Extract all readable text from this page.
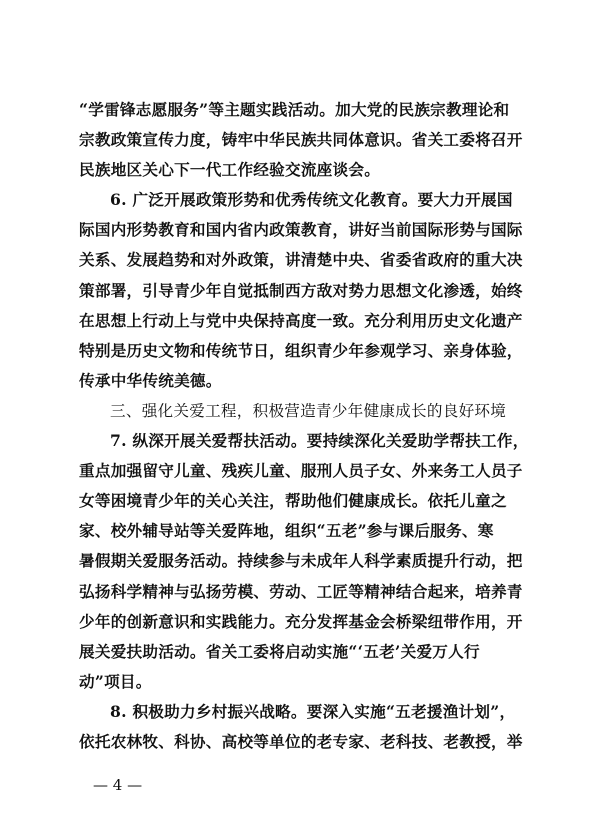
“学雷锋志愿服务”等主题实践活动。加大党的民族宗教理论和
宗教政策宣传力度，铸牢中华民族共同体意识。省关工委将召开
民族地区关心下一代工作经验交流座谈会。
6. 广泛开展政策形势和优秀传统文化教育。要大力开展国
际国内形势教育和国内省内政策教育，讲好当前国际形势与国际
关系、发展趋势和对外政策，讲清楚中央、省委省政府的重大决
策部署，引导青少年自觉抵制西方敌对势力思想文化渗透，始终
在思想上行动上与党中央保持高度一致。充分利用历史文化遗产
特别是历史文物和传统节日，组织青少年参观学习、亲身体验，
传承中华传统美德。
三、强化关爱工程，积极营造青少年健康成长的良好环境
7. 纵深开展关爱帮扶活动。要持续深化关爱助学帮扶工作，
重点加强留守儿童、残疾儿童、服刑人员子女、外来务工人员子
女等困境青少年的关心关注，帮助他们健康成长。依托儿童之
家、校外辅导站等关爱阵地，组织“五老”参与课后服务、寒
暑假期关爱服务活动。持续参与未成年人科学素质提升行动，把
弘扬科学精神与弘扬劳模、劳动、工匠等精神结合起来，培养青
少年的创新意识和实践能力。充分发挥基金会桥梁纽带作用，开
展关爱扶助活动。省关工委将启动实施“‘五老’关爱万人行
动”项目。
8. 积极助力乡村振兴战略。要深入实施“五老援渔计划”，
依托农林牧、科协、高校等单位的老专家、老科技、老教授，举
— 4 —
